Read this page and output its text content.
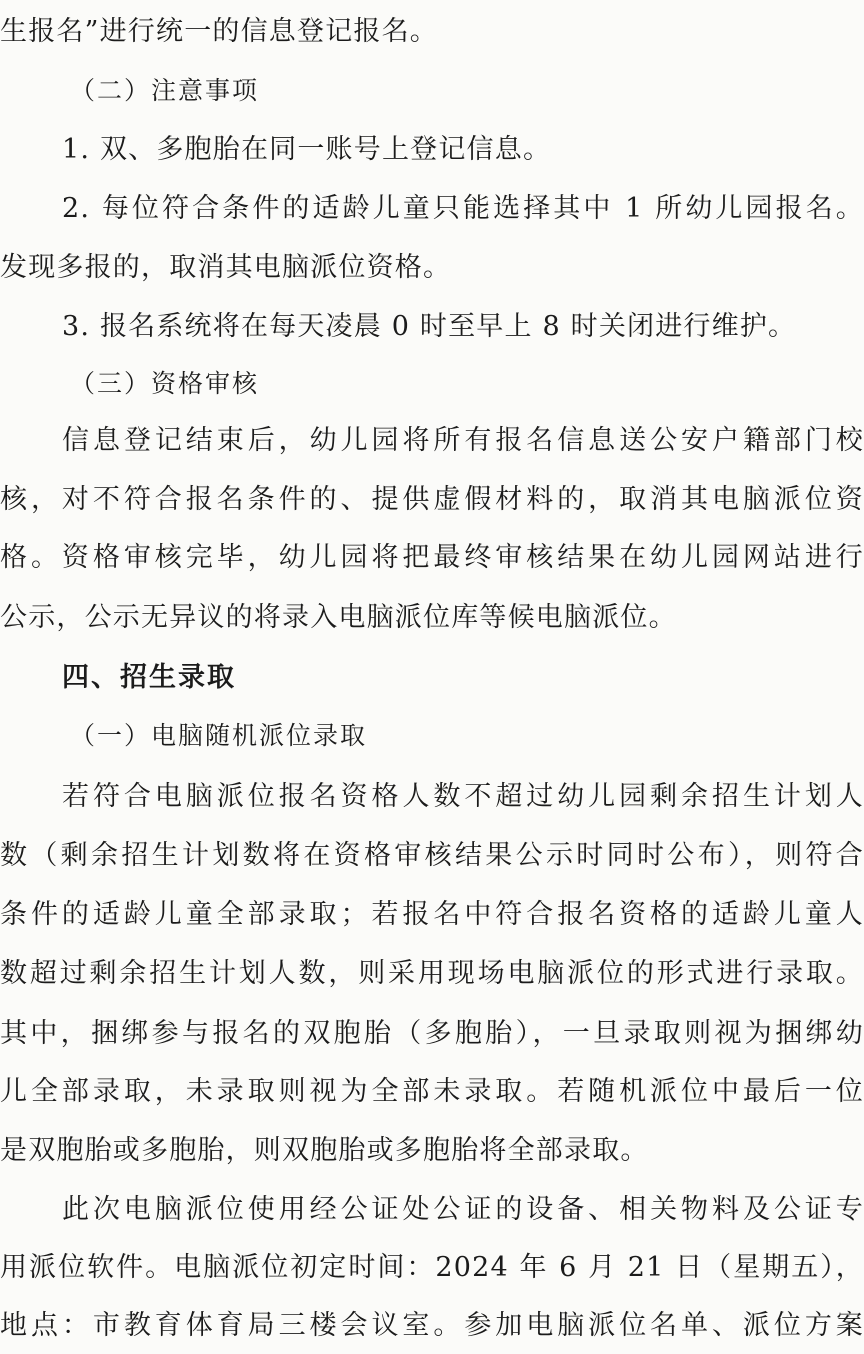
生报名”进行统一的信息登记报名。
（二）注意事项
1. 双、多胞胎在同一账号上登记信息。
2. 每位符合条件的适龄儿童只能选择其中 1 所幼儿园报名。
发现多报的，取消其电脑派位资格。
3. 报名系统将在每天凌晨 0 时至早上 8 时关闭进行维护。
（三）资格审核
信息登记结束后，幼儿园将所有报名信息送公安户籍部门校
核，对不符合报名条件的、提供虚假材料的，取消其电脑派位资
格。资格审核完毕，幼儿园将把最终审核结果在幼儿园网站进行
公示，公示无异议的将录入电脑派位库等候电脑派位。
四、招生录取
（一）电脑随机派位录取
若符合电脑派位报名资格人数不超过幼儿园剩余招生计划人
数（剩余招生计划数将在资格审核结果公示时同时公布），则符合
条件的适龄儿童全部录取；若报名中符合报名资格的适龄儿童人
数超过剩余招生计划人数，则采用现场电脑派位的形式进行录取。
其中，捆绑参与报名的双胞胎（多胞胎），一旦录取则视为捆绑幼
儿全部录取，未录取则视为全部未录取。若随机派位中最后一位
是双胞胎或多胞胎，则双胞胎或多胞胎将全部录取。
此次电脑派位使用经公证处公证的设备、相关物料及公证专
用派位软件。电脑派位初定时间：2024 年 6 月 21 日（星期五），
地点：市教育体育局三楼会议室。参加电脑派位名单、派位方案
